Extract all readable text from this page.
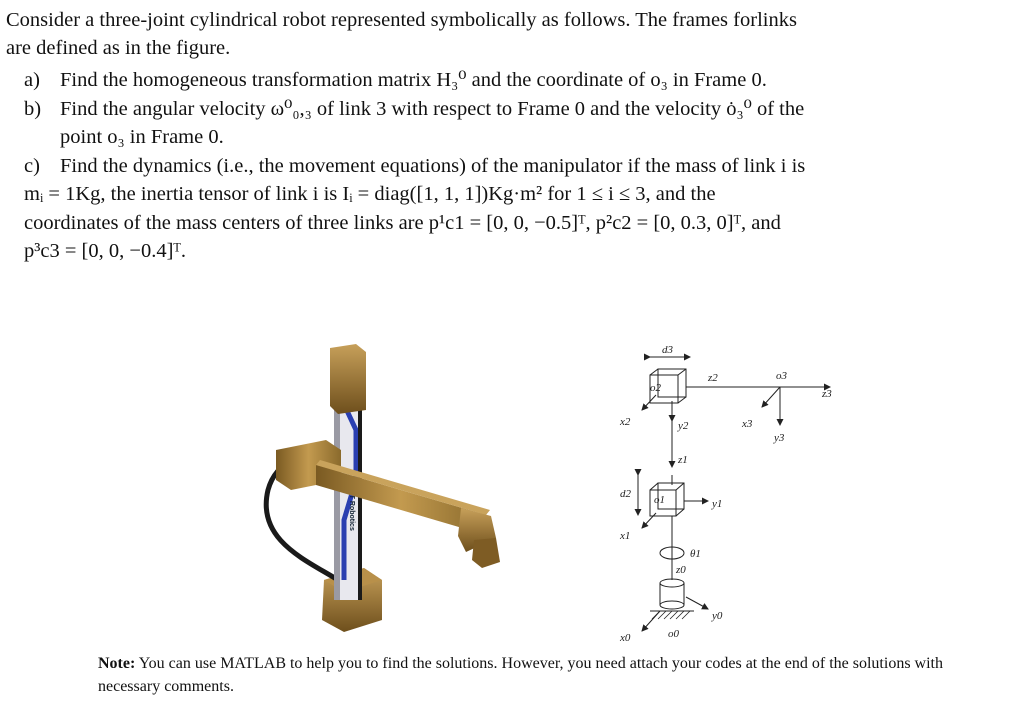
Consider a three-joint cylindrical robot represented symbolically as follows. The frames forlinks
are defined as in the figure.
a) Find the homogeneous transformation matrix H₃⁰ and the coordinate of o₃ in Frame 0.
b) Find the angular velocity ω⁰₀,₃ of link 3 with respect to Frame 0 and the velocity ȯ₃⁰ of the
point o₃ in Frame 0.
c) Find the dynamics (i.e., the movement equations) of the manipulator if the mass of link i is
mᵢ = 1Kg, the inertia tensor of link i is Iᵢ = diag([1, 1, 1])Kg·m² for 1 ≤ i ≤ 3, and the
coordinates of the mass centers of three links are p¹c1 = [0, 0, −0.5]ᵀ, p²c2 = [0, 0.3, 0]ᵀ, and
p³c3 = [0, 0, −0.4]ᵀ.
ST Robotics
d3
o2
z2	o3
z3
x2	y2	x3
y3
z1
d2 o1	y1
x1
θ1
z0
y0
x0	o0
Note: You can use MATLAB to help you to find the solutions. However, you need attach your codes at the end of the solutions with necessary comments.
